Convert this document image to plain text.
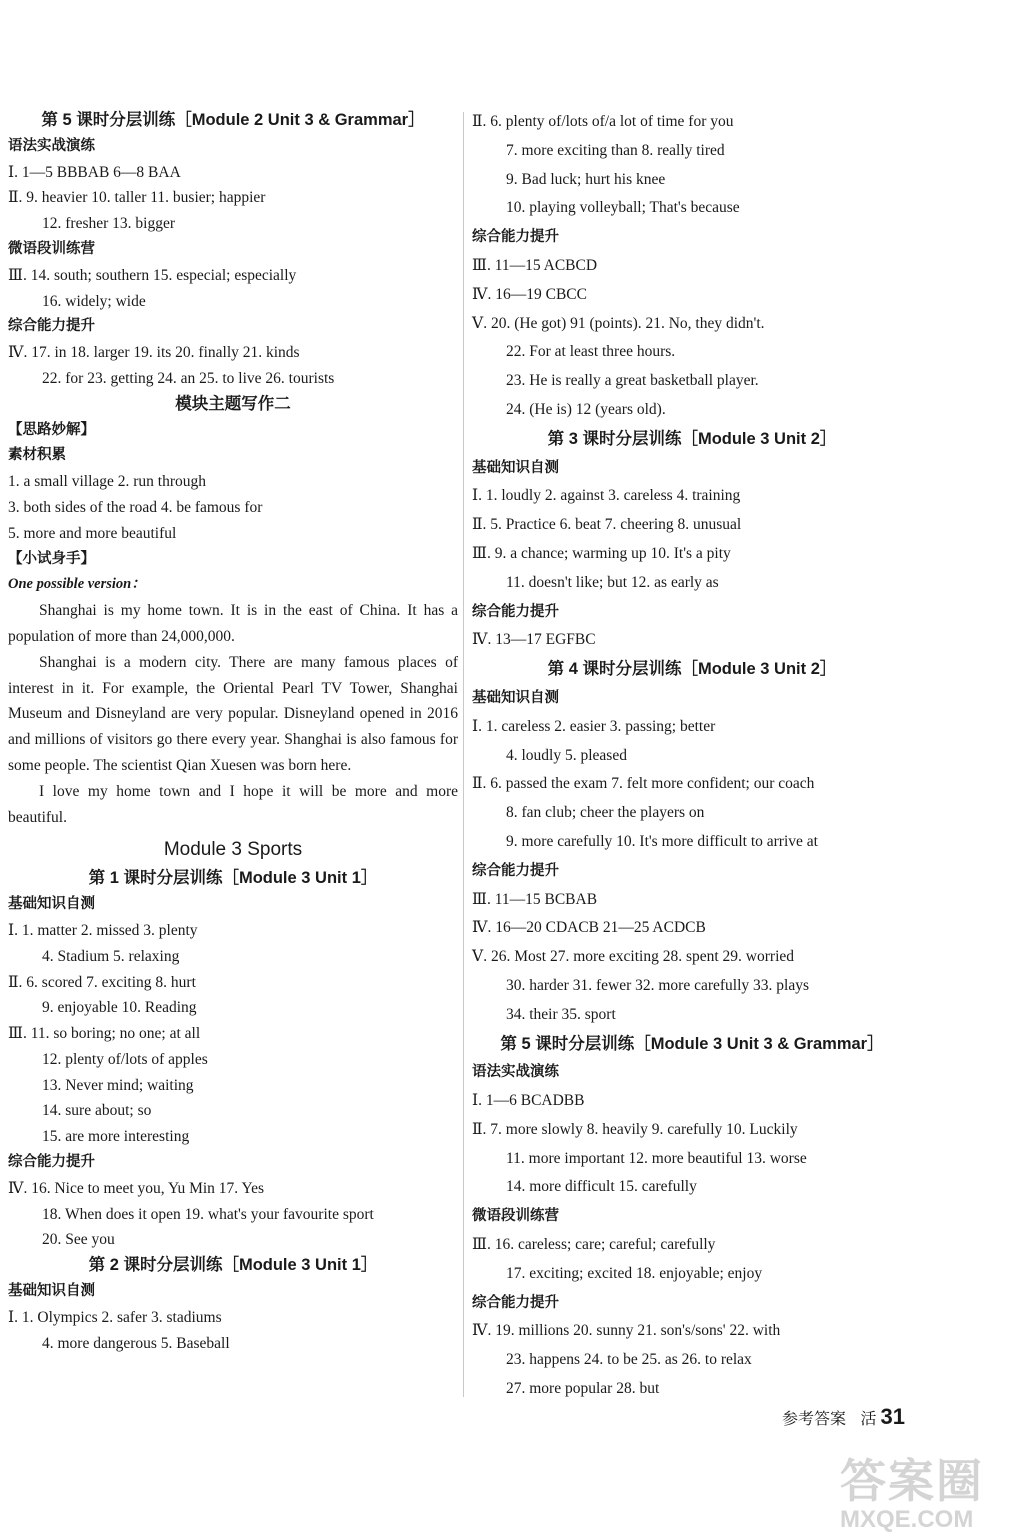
第 5 课时分层训练［Module 2 Unit 3 & Grammar］
语法实战演练
Ⅰ. 1—5 BBBAB 6—8 BAA
Ⅱ. 9. heavier 10. taller 11. busier; happier
12. fresher 13. bigger
微语段训练营
Ⅲ. 14. south; southern 15. especial; especially
16. widely; wide
综合能力提升
Ⅳ. 17. in 18. larger 19. its 20. finally 21. kinds
22. for 23. getting 24. an 25. to live 26. tourists
模块主题写作二
【思路妙解】
素材积累
1. a small village 2. run through
3. both sides of the road 4. be famous for
5. more and more beautiful
【小试身手】
One possible version：

Shanghai is my home town. It is in the east of China. It has a population of more than 24,000,000.

Shanghai is a modern city. There are many famous places of interest in it. For example, the Oriental Pearl TV Tower, Shanghai Museum and Disneyland are very popular. Disneyland opened in 2016 and millions of visitors go there every year. Shanghai is also famous for some people. The scientist Qian Xuesen was born here.

I love my home town and I hope it will be more and more beautiful.

Module 3 Sports
第 1 课时分层训练［Module 3 Unit 1］
基础知识自测
Ⅰ. 1. matter 2. missed 3. plenty
4. Stadium 5. relaxing
Ⅱ. 6. scored 7. exciting 8. hurt
9. enjoyable 10. Reading
Ⅲ. 11. so boring; no one; at all
12. plenty of/lots of apples
13. Never mind; waiting
14. sure about; so
15. are more interesting
综合能力提升
Ⅳ. 16. Nice to meet you, Yu Min 17. Yes
18. When does it open 19. what's your favourite sport
20. See you
第 2 课时分层训练［Module 3 Unit 1］
基础知识自测
Ⅰ. 1. Olympics 2. safer 3. stadiums
4. more dangerous 5. Baseball
Ⅱ. 6. plenty of/lots of/a lot of time for you
7. more exciting than 8. really tired
9. Bad luck; hurt his knee
10. playing volleyball; That's because
综合能力提升
Ⅲ. 11—15 ACBCD
Ⅳ. 16—19 CBCC
Ⅴ. 20. (He got) 91 (points). 21. No, they didn't.
22. For at least three hours.
23. He is really a great basketball player.
24. (He is) 12 (years old).
第 3 课时分层训练［Module 3 Unit 2］
基础知识自测
Ⅰ. 1. loudly 2. against 3. careless 4. training
Ⅱ. 5. Practice 6. beat 7. cheering 8. unusual
Ⅲ. 9. a chance; warming up 10. It's a pity
11. doesn't like; but 12. as early as
综合能力提升
Ⅳ. 13—17 EGFBC
第 4 课时分层训练［Module 3 Unit 2］
基础知识自测
Ⅰ. 1. careless 2. easier 3. passing; better
4. loudly 5. pleased
Ⅱ. 6. passed the exam 7. felt more confident; our coach
8. fan club; cheer the players on
9. more carefully 10. It's more difficult to arrive at
综合能力提升
Ⅲ. 11—15 BCBAB
Ⅳ. 16—20 CDACB 21—25 ACDCB
Ⅴ. 26. Most 27. more exciting 28. spent 29. worried
30. harder 31. fewer 32. more carefully 33. plays
34. their 35. sport
第 5 课时分层训练［Module 3 Unit 3 & Grammar］
语法实战演练
Ⅰ. 1—6 BCADBB
Ⅱ. 7. more slowly 8. heavily 9. carefully 10. Luckily
11. more important 12. more beautiful 13. worse
14. more difficult 15. carefully
微语段训练营
Ⅲ. 16. careless; care; careful; carefully
17. exciting; excited 18. enjoyable; enjoy
综合能力提升
Ⅳ. 19. millions 20. sunny 21. son's/sons' 22. with
23. happens 24. to be 25. as 26. to relax
27. more popular 28. but
参考答案 活 31
答案圈
MXQE.COM
